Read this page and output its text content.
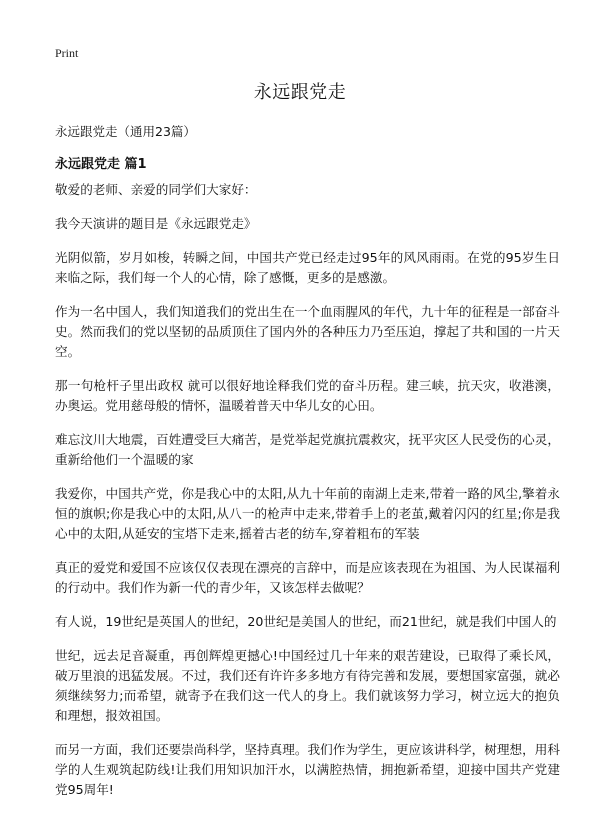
Print
永远跟党走

永远跟党走（通用23篇）

永远跟党走 篇1

敬爱的老师、亲爱的同学们大家好：

我今天演讲的题目是《永远跟党走》

光阴似箭，岁月如梭，转瞬之间，中国共产党已经走过95年的风风雨雨。在党的95岁生日来临之际，我们每一个人的心情，除了感慨，更多的是感激。

作为一名中国人，我们知道我们的党出生在一个血雨腥风的年代，九十年的征程是一部奋斗史。然而我们的党以坚韧的品质顶住了国内外的各种压力乃至压迫，撑起了共和国的一片天空。

那一句枪杆子里出政权 就可以很好地诠释我们党的奋斗历程。建三峡，抗天灾，收港澳，办奥运。党用慈母般的情怀，温暖着普天中华儿女的心田。

难忘汶川大地震，百姓遭受巨大痛苦，是党举起党旗抗震救灾，抚平灾区人民受伤的心灵，重新给他们一个温暖的家

我爱你，中国共产党，你是我心中的太阳,从九十年前的南湖上走来,带着一路的风尘,擎着永恒的旗帜;你是我心中的太阳,从八一的枪声中走来,带着手上的老茧,戴着闪闪的红星;你是我心中的太阳,从延安的宝塔下走来,摇着古老的纺车,穿着粗布的军装

真正的爱党和爱国不应该仅仅表现在漂亮的言辞中，而是应该表现在为祖国、为人民谋福利的行动中。我们作为新一代的青少年，又该怎样去做呢？

有人说，19世纪是英国人的世纪，20世纪是美国人的世纪，而21世纪，就是我们中国人的

世纪，远去足音凝重，再创辉煌更撼心!中国经过几十年来的艰苦建设，已取得了乘长风，破万里浪的迅猛发展。不过，我们还有许许多多地方有待完善和发展，要想国家富强，就必须继续努力;而希望，就寄予在我们这一代人的身上。我们就该努力学习，树立远大的抱负和理想，报效祖国。

而另一方面，我们还要崇尚科学，坚持真理。我们作为学生，更应该讲科学，树理想，用科学的人生观筑起防线!让我们用知识加汗水，以满腔热情，拥抱新希望，迎接中国共产党建党95周年!
